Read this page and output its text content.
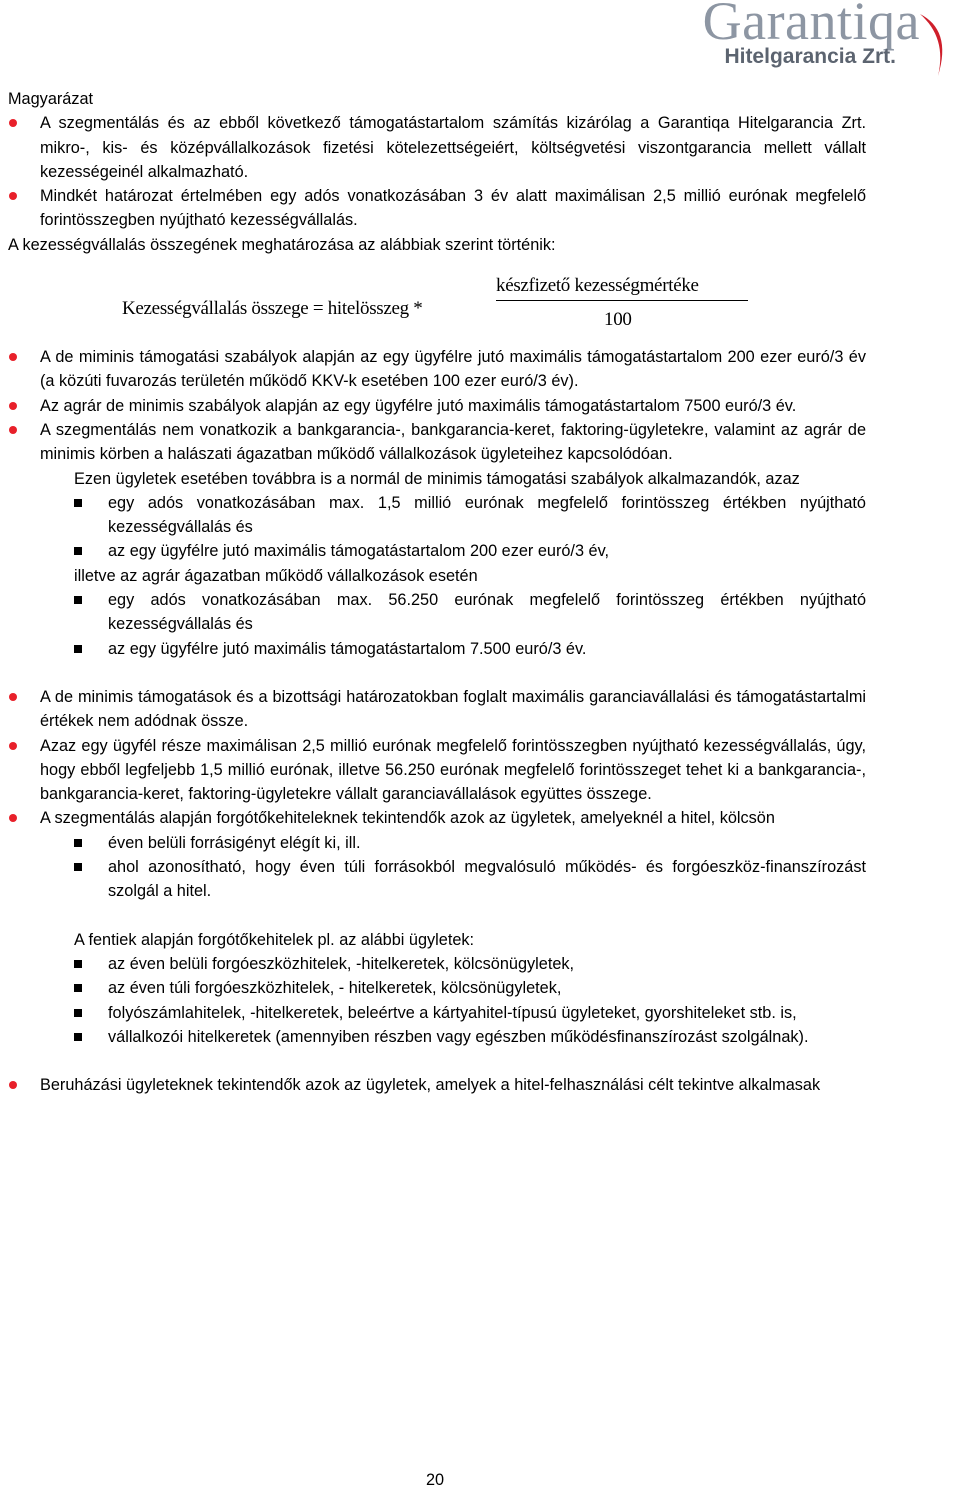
Garantiqa
Hitelgarancia Zrt.

Magyarázat

A szegmentálás és az ebből következő támogatástartalom számítás kizárólag a Garantiqa Hitelgarancia Zrt. mikro-, kis- és középvállalkozások fizetési kötelezettségeiért, költségvetési viszontgarancia mellett vállalt kezességeinél alkalmazható.

Mindkét határozat értelmében egy adós vonatkozásában 3 év alatt maximálisan 2,5 millió eurónak megfelelő forintösszegben nyújtható kezességvállalás.

A kezességvállalás összegének meghatározása az alábbiak szerint történik:

Kezességvállalás összege = hitelösszeg *
készfizető kezességmértéke
100

A de miminis támogatási szabályok alapján az egy ügyfélre jutó maximális támogatástartalom 200 ezer euró/3 év (a közúti fuvarozás területén működő KKV-k esetében 100 ezer euró/3 év).

Az agrár de minimis szabályok alapján az egy ügyfélre jutó maximális támogatástartalom 7500 euró/3 év.

A szegmentálás nem vonatkozik a bankgarancia-, bankgarancia-keret, faktoring-ügyletekre, valamint az agrár de minimis körben a halászati ágazatban működő vállalkozások ügyleteihez kapcsolódóan.

Ezen ügyletek esetében továbbra is a normál de minimis támogatási szabályok alkalmazandók, azaz

egy adós vonatkozásában max. 1,5 millió eurónak megfelelő forintösszeg értékben nyújtható kezességvállalás és

az egy ügyfélre jutó maximális támogatástartalom 200 ezer euró/3 év,

illetve az agrár ágazatban működő vállalkozások esetén

egy adós vonatkozásában max. 56.250 eurónak megfelelő forintösszeg értékben nyújtható kezességvállalás és

az egy ügyfélre jutó maximális támogatástartalom 7.500 euró/3 év.

A de minimis támogatások és a bizottsági határozatokban foglalt maximális garanciavállalási és támogatástartalmi értékek nem adódnak össze.

Azaz egy ügyfél része maximálisan 2,5 millió eurónak megfelelő forintösszegben nyújtható kezességvállalás, úgy, hogy ebből legfeljebb 1,5 millió eurónak, illetve 56.250 eurónak megfelelő forintösszeget tehet ki a bankgarancia-, bankgarancia-keret, faktoring-ügyletekre vállalt garanciavállalások együttes összege.

A szegmentálás alapján forgótőkehiteleknek tekintendők azok az ügyletek, amelyeknél a hitel, kölcsön

éven belüli forrásigényt elégít ki, ill.

ahol azonosítható, hogy éven túli forrásokból megvalósuló működés- és forgóeszköz-finanszírozást szolgál a hitel.

A fentiek alapján forgótőkehitelek pl. az alábbi ügyletek:

az éven belüli forgóeszközhitelek, -hitelkeretek, kölcsönügyletek,

az éven túli forgóeszközhitelek, - hitelkeretek, kölcsönügyletek,

folyószámlahitelek, -hitelkeretek, beleértve a kártyahitel-típusú ügyleteket, gyorshiteleket stb. is,

vállalkozói hitelkeretek (amennyiben részben vagy egészben működésfinanszírozást szolgálnak).

Beruházási ügyleteknek tekintendők azok az ügyletek, amelyek a hitel-felhasználási célt tekintve alkalmasak

20
